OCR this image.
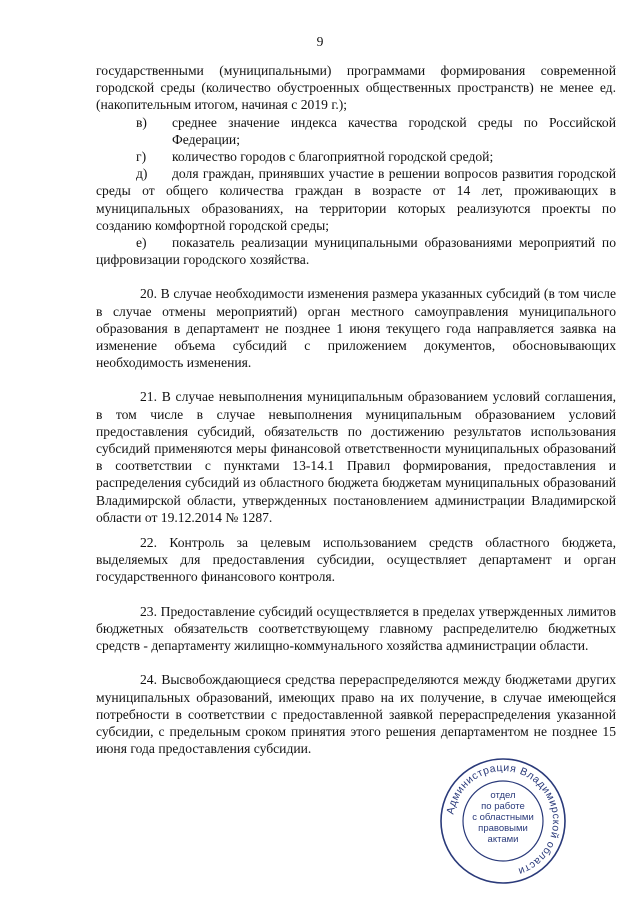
9

государственными (муниципальными) программами формирования современной городской среды (количество обустроенных общественных пространств) не менее ед. (накопительным итогом, начиная с 2019 г.);

в)	среднее значение индекса качества городской среды по Российской Федерации;
г)	количество городов с благоприятной городской средой;

д) доля граждан, принявших участие в решении вопросов развития городской среды от общего количества граждан в возрасте от 14 лет, проживающих в муниципальных образованиях, на территории которых реализуются проекты по созданию комфортной городской среды;

е) показатель реализации муниципальными образованиями мероприятий по цифровизации городского хозяйства.

20. В случае необходимости изменения размера указанных субсидий (в том числе в случае отмены мероприятий) орган местного самоуправления муниципального образования в департамент не позднее 1 июня текущего года направляется заявка на изменение объема субсидий с приложением документов, обосновывающих необходимость изменения.

21. В случае невыполнения муниципальным образованием условий соглашения, в том числе в случае невыполнения муниципальным образованием условий предоставления субсидий, обязательств по достижению результатов использования субсидий применяются меры финансовой ответственности муниципальных образований в соответствии с пунктами 13-14.1 Правил формирования, предоставления и распределения субсидий из областного бюджета бюджетам муниципальных образований Владимирской области, утвержденных постановлением администрации Владимирской области от 19.12.2014 № 1287.

22. Контроль за целевым использованием средств областного бюджета, выделяемых для предоставления субсидии, осуществляет департамент и орган государственного финансового контроля.

23. Предоставление субсидий осуществляется в пределах утвержденных лимитов бюджетных обязательств соответствующему главному распределителю бюджетных средств - департаменту жилищно-коммунального хозяйства администрации области.

24. Высвобождающиеся средства перераспределяются между бюджетами других муниципальных образований, имеющих право на их получение, в случае имеющейся потребности в соответствии с предоставленной заявкой перераспределения указанной субсидии, с предельным сроком принятия этого решения департаментом не позднее 15 июня года предоставления субсидии.

Администрация Владимирской области
отдел
по работе
с областными
правовыми
актами
